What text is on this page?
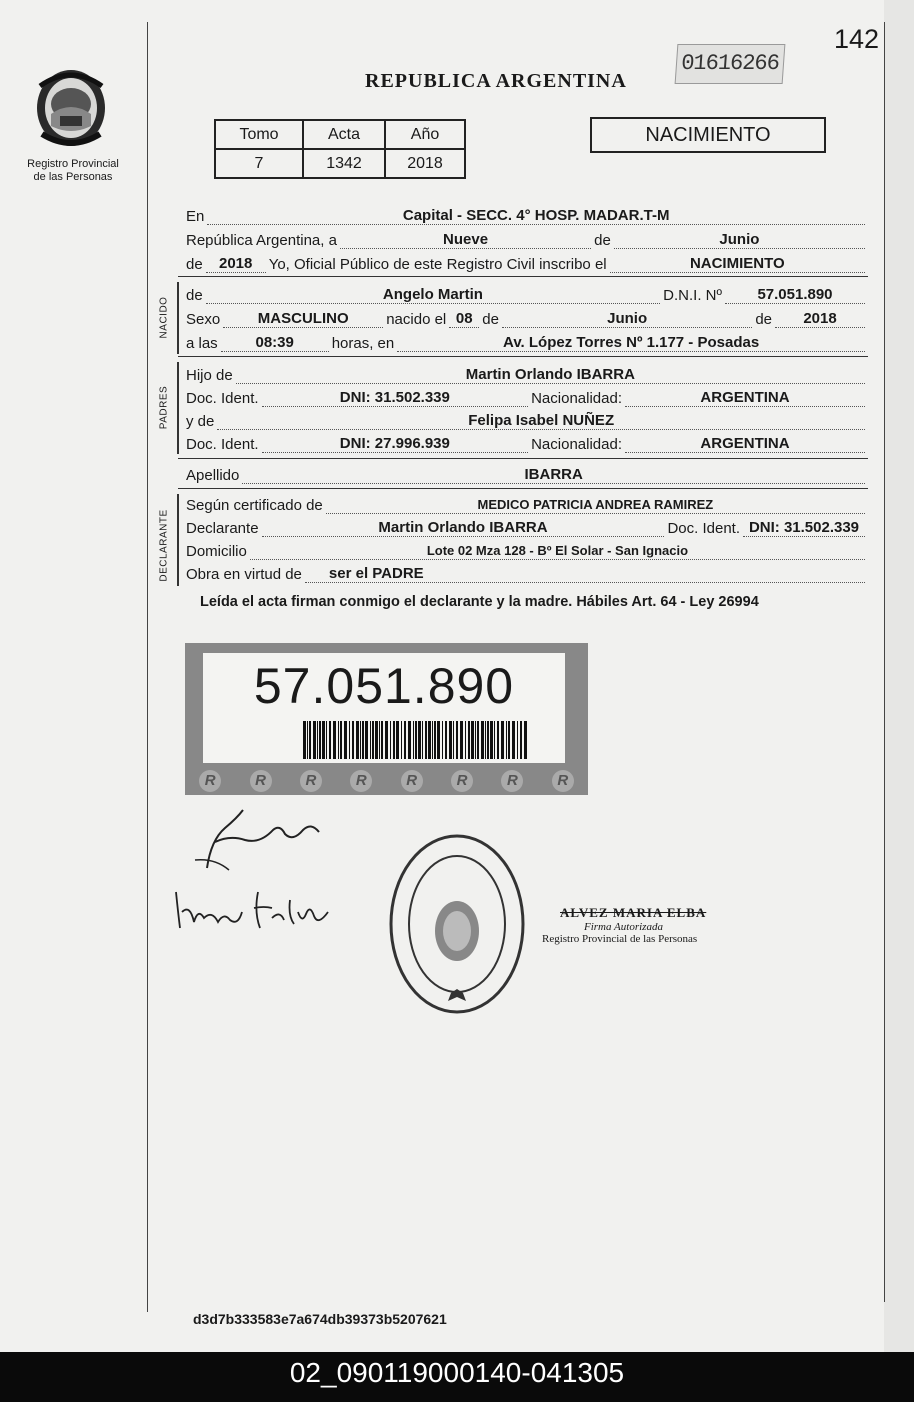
142
01616266
REPUBLICA ARGENTINA
Registro Provincial
de las Personas
Tomo	Acta	Año
7	1342	2018
NACIMIENTO
En	Capital - SECC. 4° HOSP. MADAR.T-M
República Argentina, a	Nueve	de	Junio
de	2018	Yo, Oficial Público de este Registro Civil inscribo el	NACIMIENTO
NACIDO
de	Angelo Martin	D.N.I. Nº	57.051.890
Sexo	MASCULINO	nacido el 08 de	Junio	de	2018
a las	08:39	horas, en	Av. López Torres Nº 1.177 - Posadas
PADRES
Hijo de	Martin Orlando IBARRA
Doc. Ident.	DNI: 31.502.339	Nacionalidad:	ARGENTINA
y de	Felipa Isabel NUÑEZ
Doc. Ident.	DNI: 27.996.939	Nacionalidad:	ARGENTINA
Apellido	IBARRA
DECLARANTE
Según certificado de	MEDICO PATRICIA ANDREA RAMIREZ
Declarante	Martin Orlando IBARRA	Doc. Ident. DNI: 31.502.339
Domicilio	Lote 02 Mza 128 - Bº El Solar - San Ignacio
Obra en virtud de	ser el PADRE
Leída el acta firman conmigo el declarante y la madre. Hábiles Art. 64 - Ley 26994
57.051.890
R	R	R	R	R	R	R	R
ALVEZ MARIA ELBA
Firma Autorizada
Registro Provincial de las Personas
d3d7b333583e7a674db39373b5207621
02_090119000140-041305
